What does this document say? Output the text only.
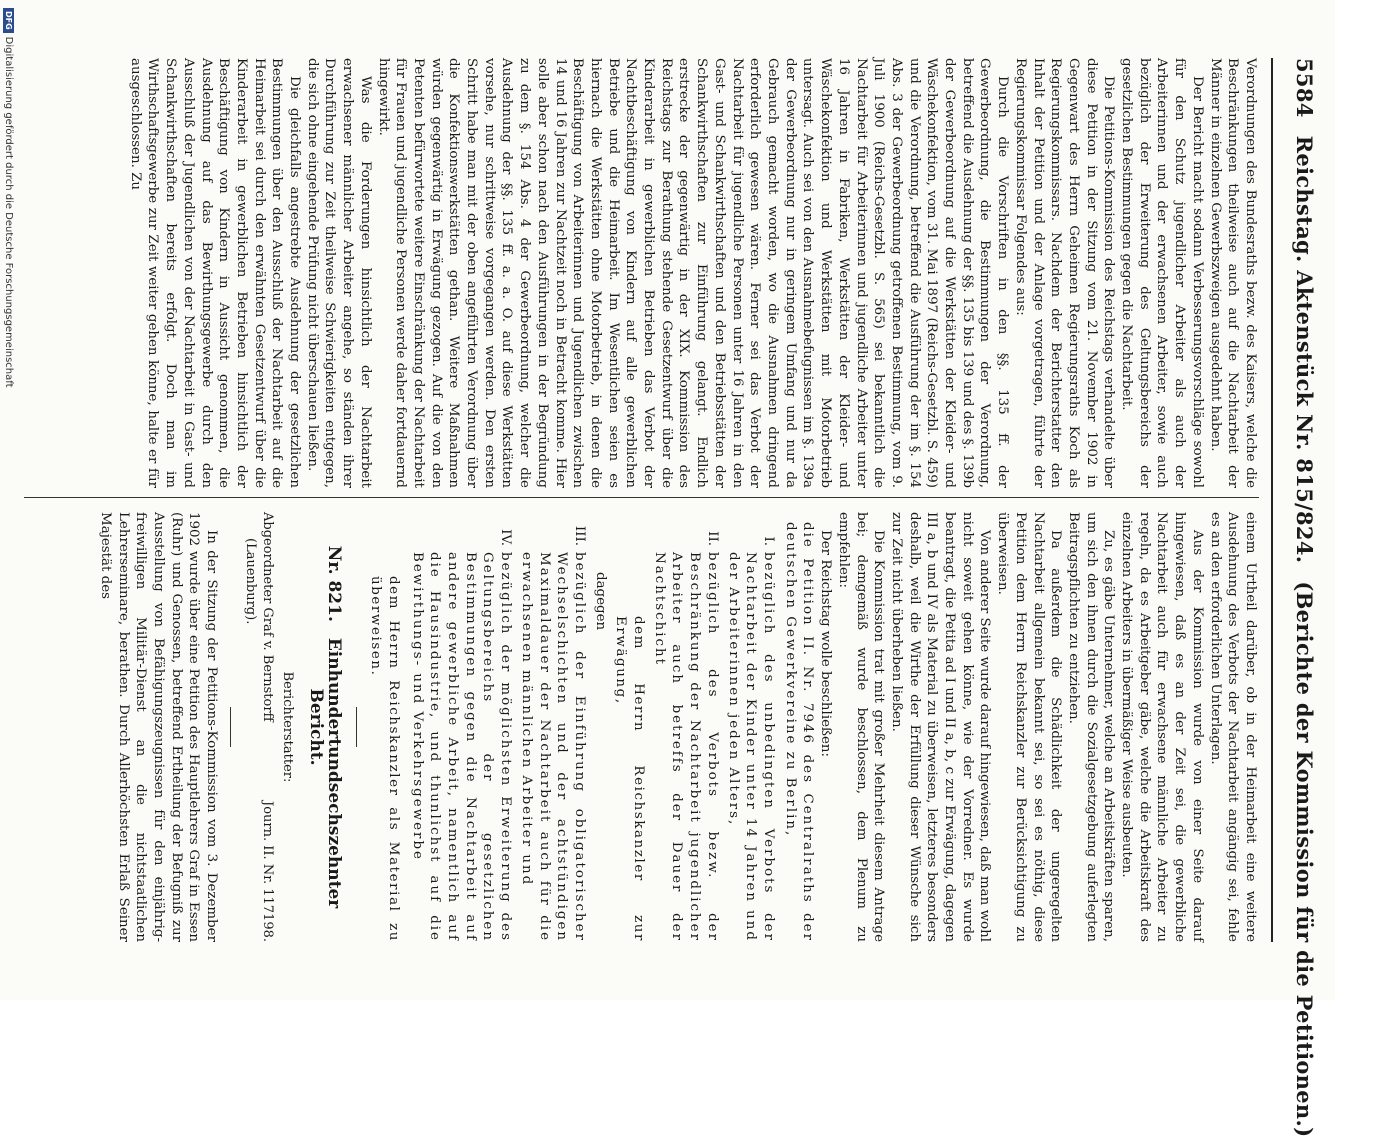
5584
Reichstag. Aktenstück Nr. 815/824.
(Berichte der Kommission für die Petitionen.)

Verordnungen des Bundesraths bezw. des Kaisers, welche die Beschränkungen theilweise auch auf die Nachtarbeit der Männer in einzelnen Gewerbszweigen ausgedehnt haben.

Der Bericht macht sodann Verbesserungsvorschläge sowohl für den Schutz jugendlicher Arbeiter als auch der Arbeiterinnen und der erwachsenen Arbeiter, sowie auch bezüglich der Erweiterung des Geltungsbereichs der gesetzlichen Bestimmungen gegen die Nachtarbeit.

Die Petitions-Kommission des Reichstags verhandelte über diese Petition in der Sitzung vom 21. November 1902 in Gegenwart des Herrn Geheimen Regierungsraths Koch als Regierungskommissars. Nachdem der Berichterstatter den Inhalt der Petition und der Anlage vorgetragen, führte der Regierungskommissar Folgendes aus:

Durch die Vorschriften in den §§. 135 ff. der Gewerbeordnung, die Bestimmungen der Verordnung, betreffend die Ausdehnung der §§. 135 bis 139 und des §. 139b der Gewerbeordnung auf die Werkstätten der Kleider- und Wäschekonfektion, vom 31. Mai 1897 (Reichs-Gesetzbl. S. 459) und die Verordnung, betreffend die Ausführung der im §. 154 Abs. 3 der Gewerbeordnung getroffenen Bestimmung, vom 9. Juli 1900 (Reichs-Gesetzbl. S. 565) sei bekanntlich die Nachtarbeit für Arbeiterinnen und jugendliche Arbeiter unter 16 Jahren in Fabriken, Werkstätten der Kleider- und Wäschekonfektion und Werkstätten mit Motorbetrieb untersagt. Auch sei von den Ausnahmebefugnissen im §. 139a der Gewerbeordnung nur in geringem Umfang und nur da Gebrauch gemacht worden, wo die Ausnahmen dringend erforderlich gewesen wären. Ferner sei das Verbot der Nachtarbeit für jugendliche Personen unter 16 Jahren in den Gast- und Schankwirthschaften und den Betriebsstätten der Schankwirthschaften zur Einführung gelangt. Endlich erstrecke der gegenwärtig in der XIX. Kommission des Reichstags zur Berathung stehende Gesetzentwurf über die Kinderarbeit in gewerblichen Betrieben das Verbot der Nachtbeschäftigung von Kindern auf alle gewerblichen Betriebe und die Heimarbeit. Im Wesentlichen seien es hiernach die Werkstätten ohne Motorbetrieb, in denen die Beschäftigung von Arbeiterinnen und Jugendlichen zwischen 14 und 16 Jahren zur Nachtzeit noch in Betracht komme. Hier solle aber schon nach den Ausführungen in der Begründung zu dem §. 154 Abs. 4 der Gewerbeordnung, welcher die Ausdehnung der §§. 135 ff. a. a. O. auf diese Werkstätten vorsehe, nur schrittweise vorgegangen werden. Den ersten Schritt habe man mit der oben angeführten Verordnung über die Konfektionswerkstätten gethan. Weitere Maßnahmen würden gegenwärtig in Erwägung gezogen. Auf die von den Petenten befürwortete weitere Einschränkung der Nachtarbeit für Frauen und jugendliche Personen werde daher fortdauernd hingewirkt.

Was die Forderungen hinsichtlich der Nachtarbeit erwachsener männlicher Arbeiter angehe, so ständen ihrer Durchführung zur Zeit theilweise Schwierigkeiten entgegen, die sich ohne eingehende Prüfung nicht überschauen ließen.

Die gleichfalls angestrebte Ausdehnung der gesetzlichen Bestimmungen über den Ausschluß der Nachtarbeit auf die Heimarbeit sei durch den erwähnten Gesetzentwurf über die Kinderarbeit in gewerblichen Betrieben hinsichtlich der Beschäftigung von Kindern in Aussicht genommen, die Ausdehnung auf das Bewirthungsgewerbe durch den Ausschluß der Jugendlichen von der Nachtarbeit in Gast- und Schankwirthschaften bereits erfolgt. Doch man im Wirthschaftsgewerbe zur Zeit weiter gehen könne, halte er für ausgeschlossen. Zu

einem Urtheil darüber, ob in der Heimarbeit eine weitere Ausdehnung des Verbots der Nachtarbeit angängig sei, fehle es an den erforderlichen Unterlagen.

Aus der Kommission wurde von einer Seite darauf hingewiesen, daß es an der Zeit sei, die gewerbliche Nachtarbeit auch für erwachsene männliche Arbeiter zu regeln, da es Arbeitgeber gäbe, welche die Arbeitskraft des einzelnen Arbeiters in übermäßiger Weise ausbeuten.

Zu, es gäbe Unternehmer, welche an Arbeitskräften sparen, um sich den ihnen durch die Sozialgesetzgebung auferlegten Beitragspflichten zu entziehen.

Da außerdem die Schädlichkeit der ungeregelten Nachtarbeit allgemein bekannt sei, so sei es nöthig, diese Petition dem Herrn Reichskanzler zur Berücksichtigung zu überweisen.

Von anderer Seite wurde darauf hingewiesen, daß man wohl nicht soweit gehen könne, wie der Vorredner. Es wurde beantragt, die Petita ad I und II a, b, c zur Erwägung, dagegen III a, b und IV als Material zu überweisen, letzteres besonders deshalb, weil die Wirthe der Erfüllung dieser Wünsche sich zur Zeit nicht überheben ließen.

Die Kommission trat mit großer Mehrheit diesem Antrage bei; demgemäß wurde beschlossen, dem Plenum zu empfehlen:

Der Reichstag wolle beschließen:

die Petition II. Nr. 7946 des Centralraths der deutschen Gewerkvereine zu Berlin,

I.
bezüglich des unbedingten Verbots der Nachtarbeit der Kinder unter 14 Jahren und der Arbeiterinnen jeden Alters,
II.
bezüglich des Verbots bezw. der Beschränkung der Nachtarbeit jugendlicher Arbeiter auch betreffs der Dauer der Nachtschicht
dem Herrn Reichskanzler zur Erwägung,
dagegen
III.
bezüglich der Einführung obligatorischer Wechselschichten und der achtstündigen Maximaldauer der Nachtarbeit auch für die erwachsenen männlichen Arbeiter und
IV.
bezüglich der möglichsten Erweiterung des Geltungsbereichs der gesetzlichen Bestimmungen gegen die Nachtarbeit auf andere gewerbliche Arbeit, namentlich auf die Hausindustrie, und thunlichst auf die Bewirthungs- und Verkehrsgewerbe

dem Herrn Reichskanzler als Material zu überweisen.

Nr. 821. Einhundertundsechszehnter Bericht.
Berichterstatter:
Abgeordneter Graf v. Bernstorff
Journ. II. Nr. 117198.
(Lauenburg).

In der Sitzung der Petitions-Kommission vom 3. Dezember 1902 wurde über eine Petition des Hauptlehrers Graf in Essen (Ruhr) und Genossen, betreffend Ertheilung der Befugniß zur Ausstellung von Befähigungszeugnissen für den einjährig-freiwilligen Militär-Dienst an die nichtstaatlichen Lehrerseminare, berathen. Durch Allerhöchsten Erlaß Seiner Majestät des

DFG
Digitalisierung gefördert durch die Deutsche Forschungsgemeinschaft
